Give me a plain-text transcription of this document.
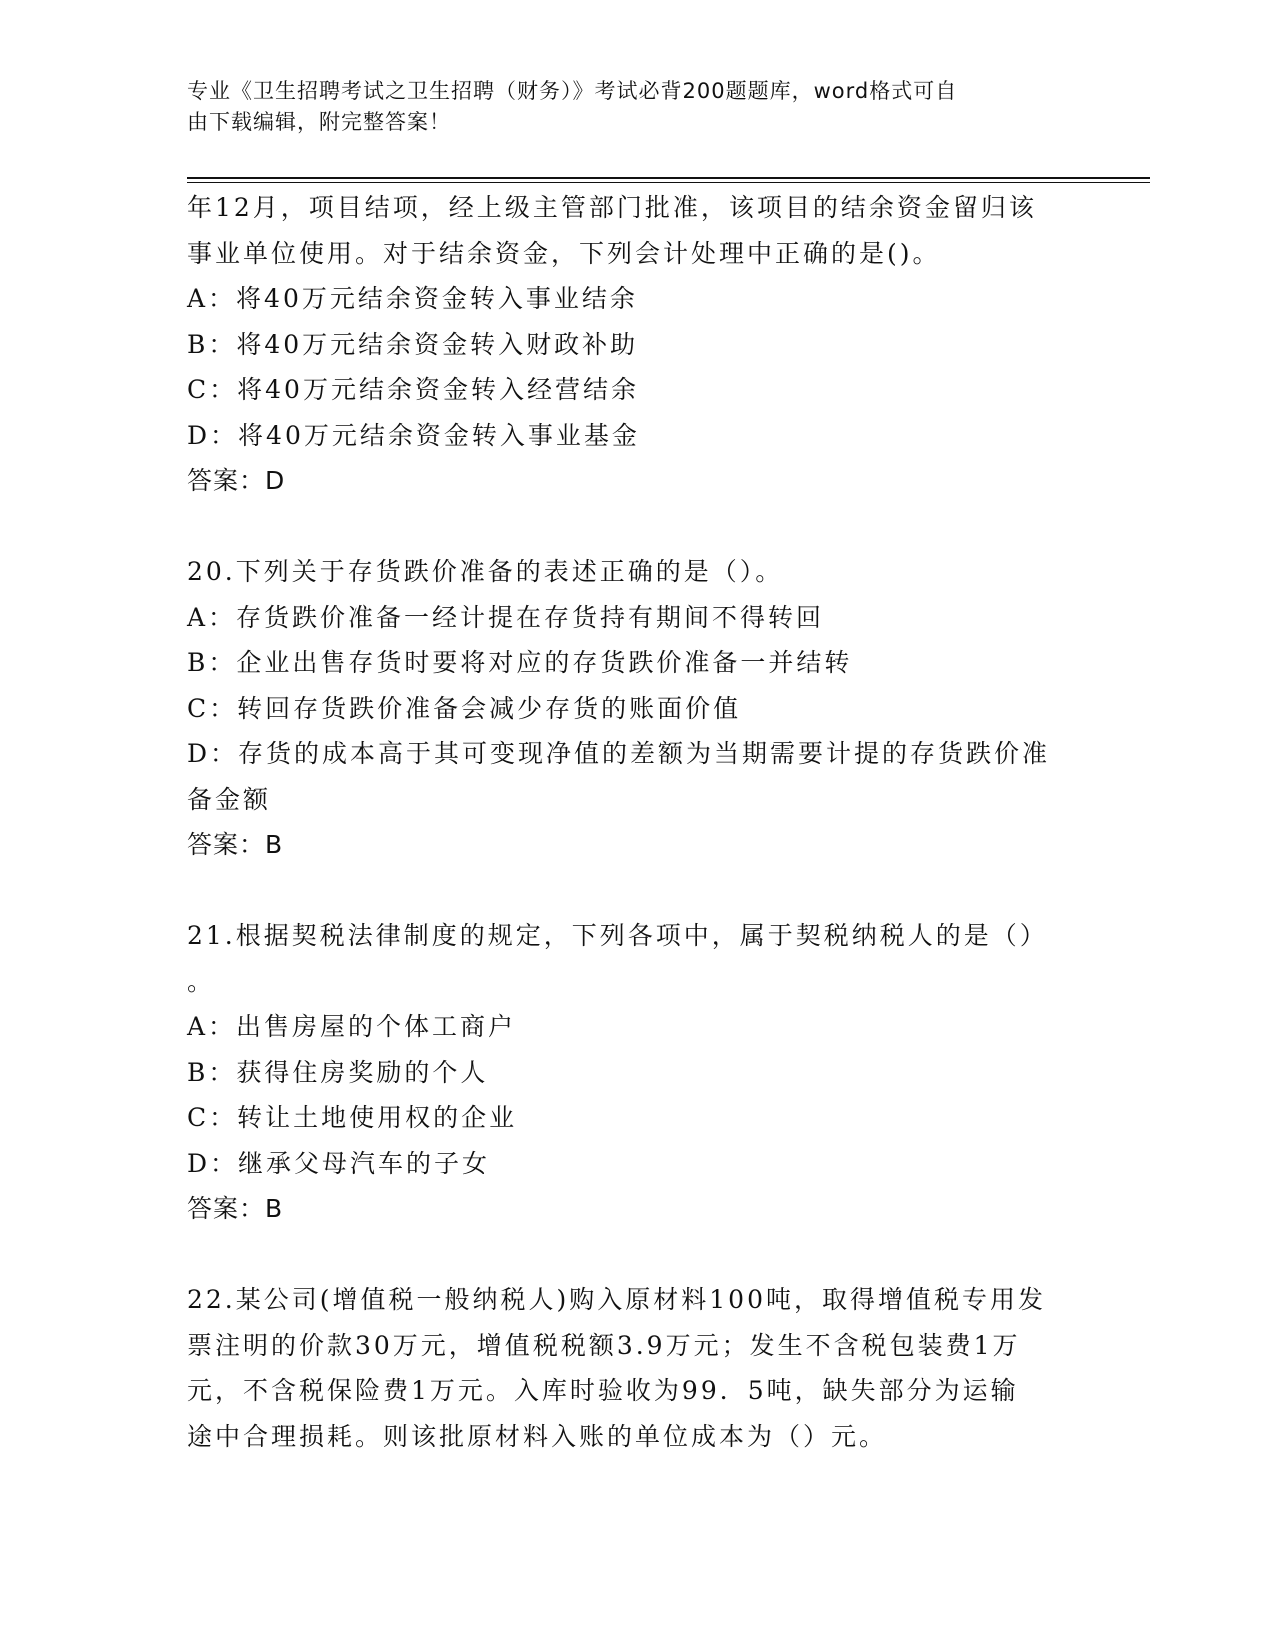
专业《卫生招聘考试之卫生招聘（财务）》考试必背200题题库，word格式可自
由下载编辑，附完整答案！
年12月，项目结项，经上级主管部门批准，该项目的结余资金留归该
事业单位使用。对于结余资金，下列会计处理中正确的是()。
A：将40万元结余资金转入事业结余
B：将40万元结余资金转入财政补助
C：将40万元结余资金转入经营结余
D：将40万元结余资金转入事业基金
答案：D
20.下列关于存货跌价准备的表述正确的是（）。
A：存货跌价准备一经计提在存货持有期间不得转回
B：企业出售存货时要将对应的存货跌价准备一并结转
C：转回存货跌价准备会减少存货的账面价值
D：存货的成本高于其可变现净值的差额为当期需要计提的存货跌价准
备金额
答案：B
21.根据契税法律制度的规定，下列各项中，属于契税纳税人的是（）
。
A：出售房屋的个体工商户
B：获得住房奖励的个人
C：转让土地使用权的企业
D：继承父母汽车的子女
答案：B
22.某公司(增值税一般纳税人)购入原材料100吨，取得增值税专用发
票注明的价款30万元，增值税税额3.9万元；发生不含税包装费1万
元，不含税保险费1万元。入库时验收为99．5吨，缺失部分为运输
途中合理损耗。则该批原材料入账的单位成本为（）元。
